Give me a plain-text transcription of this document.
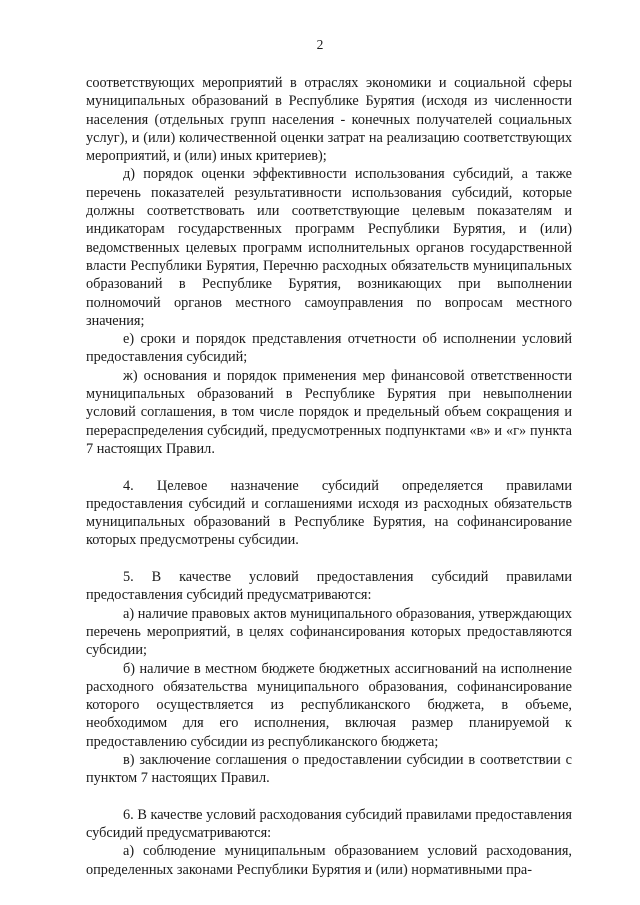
2

соответствующих мероприятий в отраслях экономики и социальной сферы муниципальных образований в Республике Бурятия (исходя из численности населения (отдельных групп населения - конечных получателей социальных услуг), и (или) количественной оценки затрат на реализацию соответствующих мероприятий, и (или) иных критериев);

д) порядок оценки эффективности использования субсидий, а также перечень показателей результативности использования субсидий, которые должны соответствовать или соответствующие целевым показателям и индикаторам государственных программ Республики Бурятия, и (или) ведомственных целевых программ исполнительных органов государственной власти Республики Бурятия, Перечню расходных обязательств муниципальных образований в Республике Бурятия, возникающих при выполнении полномочий органов местного самоуправления по вопросам местного значения;

е) сроки и порядок представления отчетности об исполнении условий предоставления субсидий;

ж) основания и порядок применения мер финансовой ответственности муниципальных образований в Республике Бурятия при невыполнении условий соглашения, в том числе порядок и предельный объем сокращения и перераспределения субсидий, предусмотренных подпунктами «в» и «г» пункта 7 настоящих Правил.

4. Целевое назначение субсидий определяется правилами предоставления субсидий и соглашениями исходя из расходных обязательств муниципальных образований в Республике Бурятия, на софинансирование которых предусмотрены субсидии.

5. В качестве условий предоставления субсидий правилами предоставления субсидий предусматриваются:

а) наличие правовых актов муниципального образования, утверждающих перечень мероприятий, в целях софинансирования которых предоставляются субсидии;

б) наличие в местном бюджете бюджетных ассигнований на исполнение расходного обязательства муниципального образования, софинансирование которого осуществляется из республиканского бюджета, в объеме, необходимом для его исполнения, включая размер планируемой к предоставлению субсидии из республиканского бюджета;

в) заключение соглашения о предоставлении субсидии в соответствии с пунктом 7 настоящих Правил.

6. В качестве условий расходования субсидий правилами предоставления субсидий предусматриваются:

а) соблюдение муниципальным образованием условий расходования, определенных законами Республики Бурятия и (или) нормативными пра-
